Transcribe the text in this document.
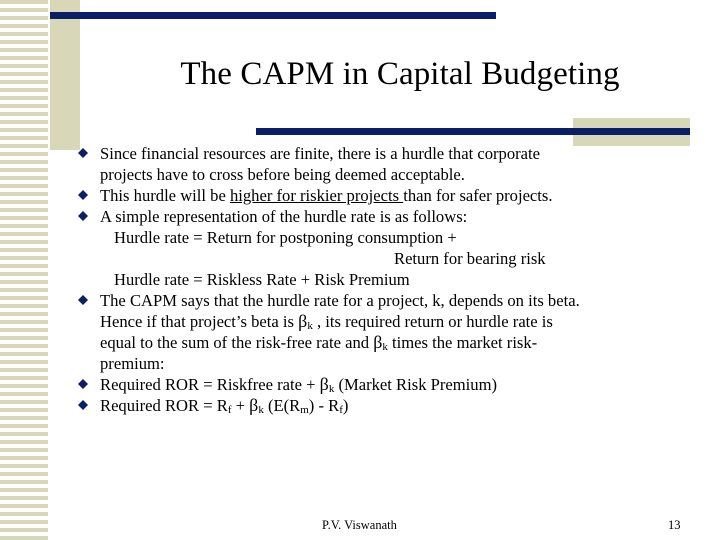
The CAPM in Capital Budgeting
Since financial resources are finite, there is a hurdle that corporate
projects have to cross before being deemed acceptable.
This hurdle will be higher for riskier projects than for safer projects.
A simple representation of the hurdle rate is as follows:
Hurdle rate = Return for postponing consumption +
Return for bearing risk
Hurdle rate = Riskless Rate + Risk Premium
The CAPM says that the hurdle rate for a project, k, depends on its beta.
Hence if that project’s beta is $\beta_k$ , its required return or hurdle rate is
equal to the sum of the risk-free rate and $\beta_k$ times the market risk-
premium:
Required ROR = Riskfree rate + $\beta_k$ (Market Risk Premium)
Required ROR = $R_f + \beta_k$ $(E(R_m) - R_f)$
P.V. Viswanath	13
